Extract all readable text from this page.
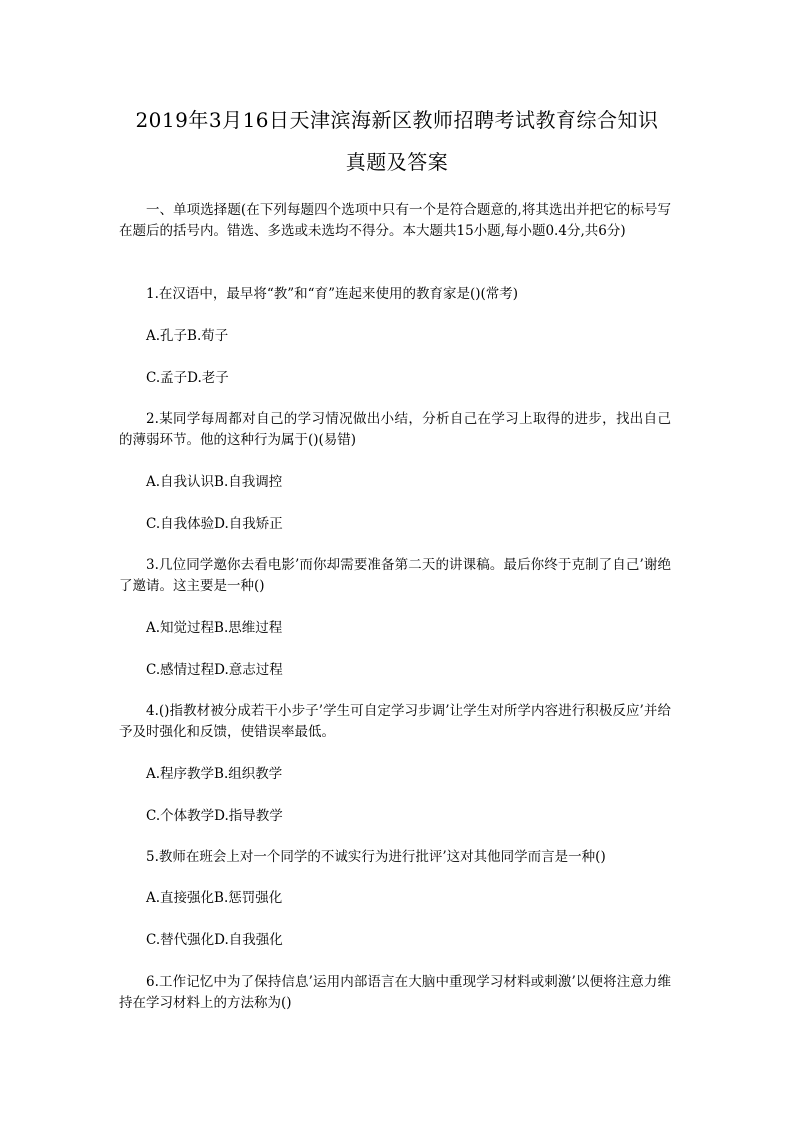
2019年3月16日天津滨海新区教师招聘考试教育综合知识
真题及答案
一、单项选择题(在下列每题四个选项中只有一个是符合题意的,将其选出并把它的标号写在题后的括号内。错选、多选或未选均不得分。本大题共15小题,每小题0.4分,共6分)
1.在汉语中，最早将“教”和“育”连起来使用的教育家是()(常考)
A.孔子B.荀子
C.孟子D.老子
2.某同学每周都对自己的学习情况做出小结，分析自己在学习上取得的进步，找出自己的薄弱环节。他的这种行为属于()(易错)
A.自我认识B.自我调控
C.自我体验D.自我矫正
3.几位同学邀你去看电影’而你却需要准备第二天的讲课稿。最后你终于克制了自己’谢绝了邀请。这主要是一种()
A.知觉过程B.思维过程
C.感情过程D.意志过程
4.()指教材被分成若干小步子’学生可自定学习步调’让学生对所学内容进行积极反应’并给予及时强化和反馈，使错误率最低。
A.程序教学B.组织教学
C.个体教学D.指导教学
5.教师在班会上对一个同学的不诚实行为进行批评’这对其他同学而言是一种()
A.直接强化B.惩罚强化
C.替代强化D.自我强化
6.工作记忆中为了保持信息’运用内部语言在大脑中重现学习材料或刺激’以便将注意力维持在学习材料上的方法称为()
